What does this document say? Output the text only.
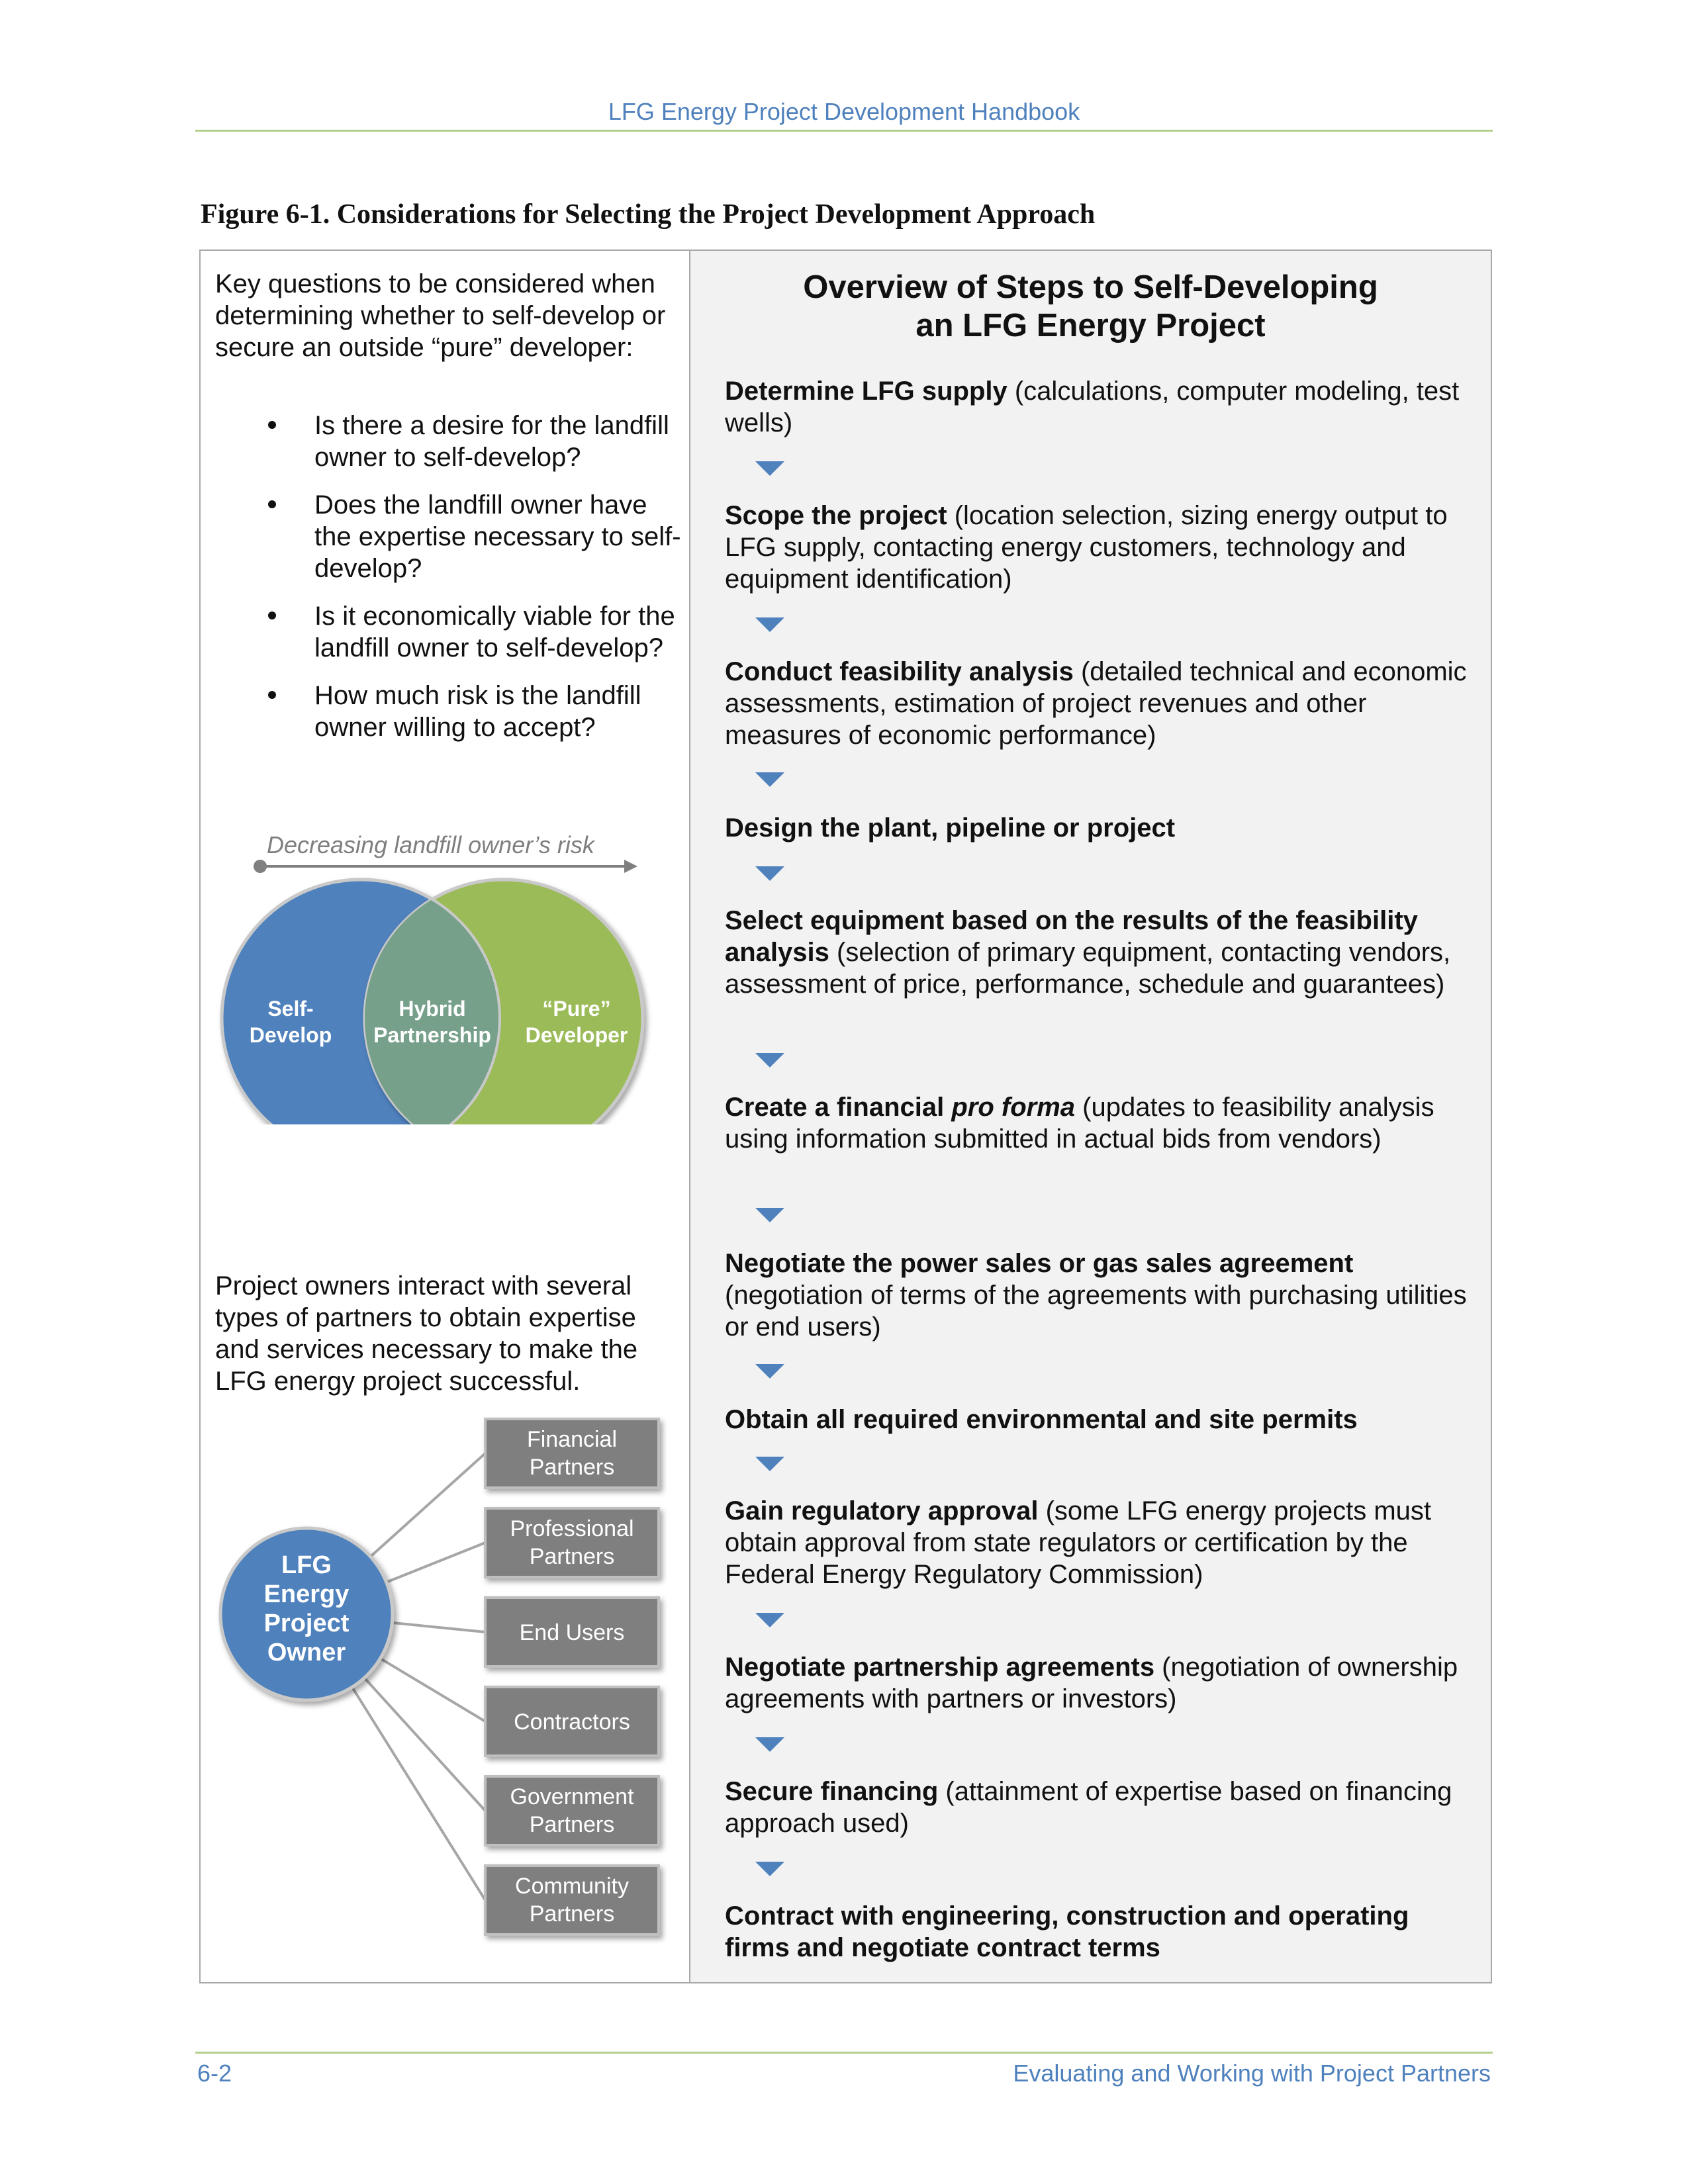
LFG Energy Project Development Handbook
Figure 6-1. Considerations for Selecting the Project Development Approach
Key questions to be considered when determining whether to self-develop or secure an outside “pure” developer:
Is there a desire for the landfill owner to self-develop?
Does the landfill owner have the expertise necessary to self-develop?
Is it economically viable for the landfill owner to self-develop?
How much risk is the landfill owner willing to accept?
Decreasing landfill owner’s risk
Self-
Develop
Hybrid
Partnership
“Pure”
Developer
Project owners interact with several types of partners to obtain expertise and services necessary to make the LFG energy project successful.
Financial
Partners
Professional
Partners
End Users
Contractors
Government
Partners
Community
Partners
LFG
Energy
Project
Owner
Overview of Steps to Self-Developing
an LFG Energy Project
Determine LFG supply (calculations, computer modeling, test wells)
Scope the project (location selection, sizing energy output to LFG supply, contacting energy customers, technology and equipment identification)
Conduct feasibility analysis (detailed technical and economic assessments, estimation of project revenues and other measures of economic performance)
Design the plant, pipeline or project
Select equipment based on the results of the feasibility analysis (selection of primary equipment, contacting vendors, assessment of price, performance, schedule and guarantees)
Create a financial pro forma (updates to feasibility analysis using information submitted in actual bids from vendors)
Negotiate the power sales or gas sales agreement (negotiation of terms of the agreements with purchasing utilities or end users)
Obtain all required environmental and site permits
Gain regulatory approval (some LFG energy projects must obtain approval from state regulators or certification by the Federal Energy Regulatory Commission)
Negotiate partnership agreements (negotiation of ownership agreements with partners or investors)
Secure financing (attainment of expertise based on financing approach used)
Contract with engineering, construction and operating firms and negotiate contract terms
6-2	Evaluating and Working with Project Partners
